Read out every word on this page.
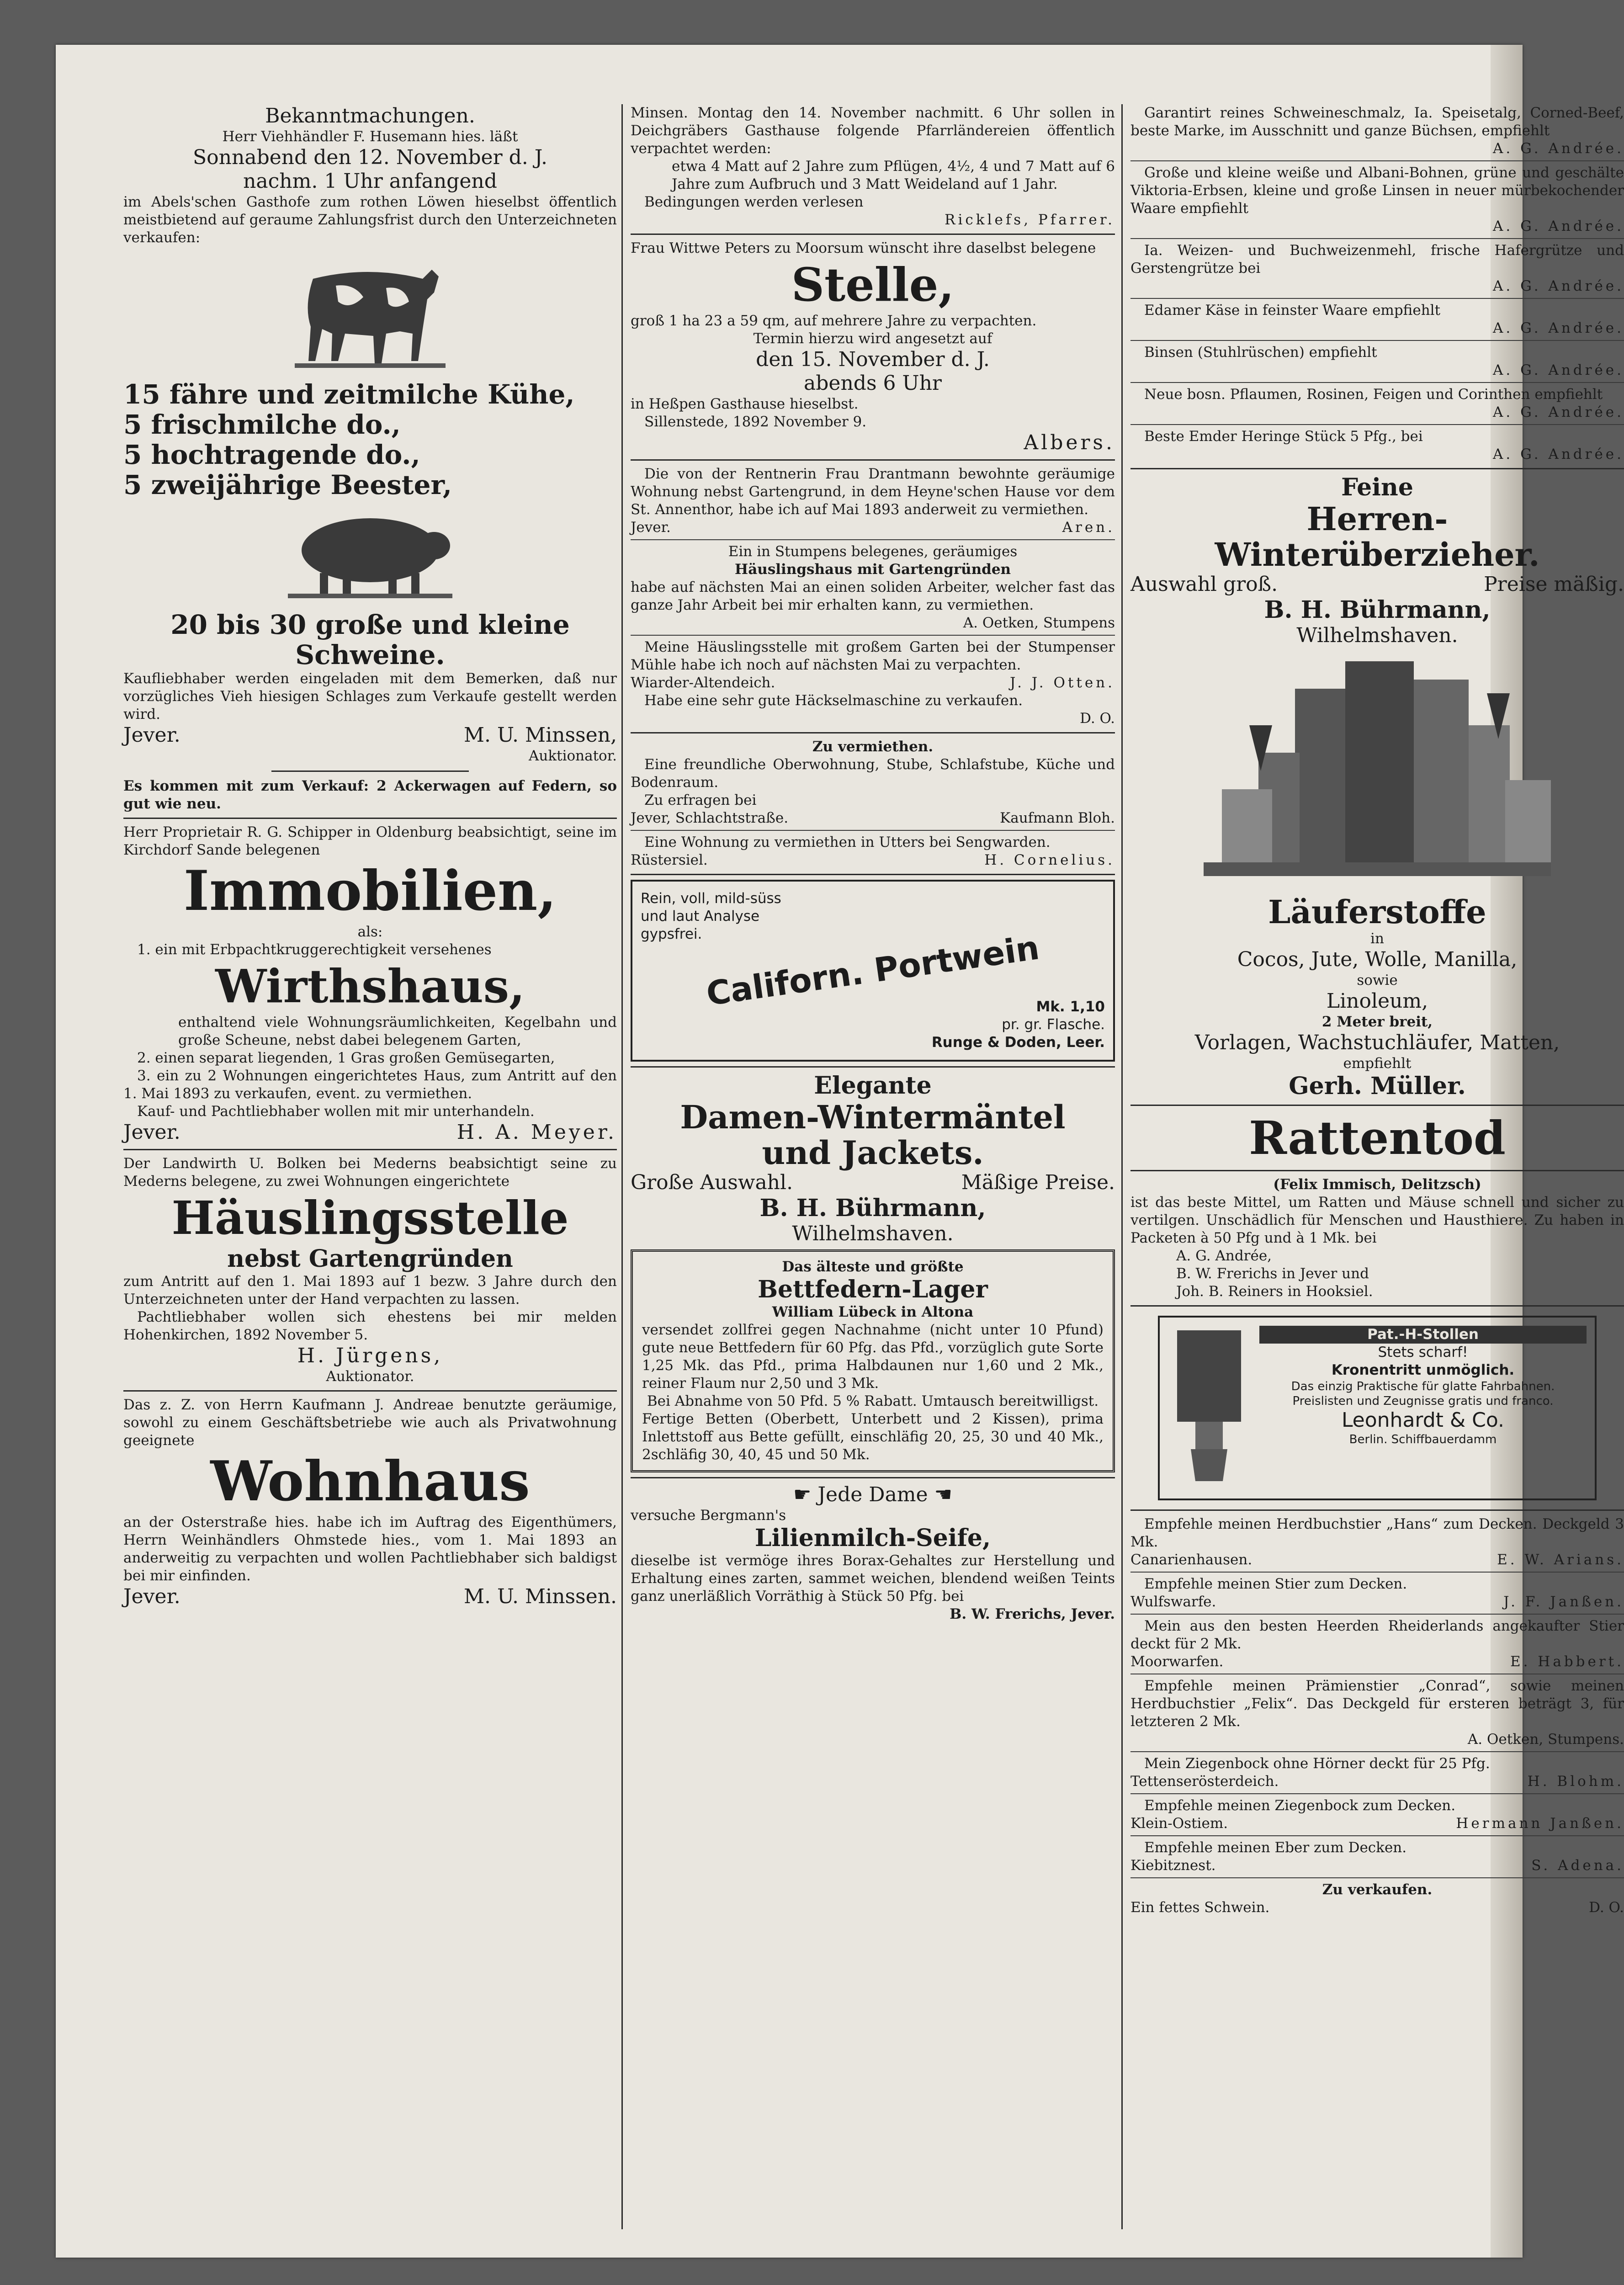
Bekanntmachungen.

Herr Viehhändler F. Husemann hies. läßt

Sonnabend den 12. November d. J.

nachm. 1 Uhr anfangend

im Abels'schen Gasthofe zum rothen Löwen hieselbst öffentlich meistbietend auf geraume Zahlungsfrist durch den Unterzeichneten verkaufen:

15 fähre und zeitmilche Kühe,

5 frischmilche do.,

5 hochtragende do.,

5 zweijährige Beester,

20 bis 30 große und kleine Schweine.

Kaufliebhaber werden eingeladen mit dem Bemerken, daß nur vorzügliches Vieh hiesigen Schlages zum Verkaufe gestellt werden wird.

Jever.	M. U. Minssen,

Auktionator.

Es kommen mit zum Verkauf: 2 Ackerwagen auf Federn, so gut wie neu.

Herr Proprietair R. G. Schipper in Oldenburg beabsichtigt, seine im Kirchdorf Sande belegenen

Immobilien,

als:

1. ein mit Erbpachtkruggerechtigkeit versehenes

Wirthshaus,

enthaltend viele Wohnungsräumlichkeiten, Kegelbahn und große Scheune, nebst dabei belegenem Garten,

2. einen separat liegenden, 1 Gras großen Gemüsegarten,

3. ein zu 2 Wohnungen eingerichtetes Haus, zum Antritt auf den 1. Mai 1893 zu verkaufen, event. zu vermiethen.

Kauf- und Pachtliebhaber wollen mit mir unterhandeln.

Jever.	H. A. Meyer.

Der Landwirth U. Bolken bei Mederns beabsichtigt seine zu Mederns belegene, zu zwei Wohnungen eingerichtete

Häuslingsstelle

nebst Gartengründen

zum Antritt auf den 1. Mai 1893 auf 1 bezw. 3 Jahre durch den Unterzeichneten unter der Hand verpachten zu lassen.

Pachtliebhaber wollen sich ehestens bei mir melden Hohenkirchen, 1892 November 5.

H. Jürgens,

Auktionator.

Das z. Z. von Herrn Kaufmann J. Andreae benutzte geräumige, sowohl zu einem Geschäftsbetriebe wie auch als Privatwohnung geeignete

Wohnhaus

an der Osterstraße hies. habe ich im Auftrag des Eigenthümers, Herrn Weinhändlers Ohmstede hies., vom 1. Mai 1893 an anderweitig zu verpachten und wollen Pachtliebhaber sich baldigst bei mir einfinden.

Jever.	M. U. Minssen.

Minsen. Montag den 14. November nachmitt. 6 Uhr sollen in Deichgräbers Gasthause folgende Pfarrländereien öffentlich verpachtet werden:

etwa 4 Matt auf 2 Jahre zum Pflügen, 4½, 4 und 7 Matt auf 6 Jahre zum Aufbruch und 3 Matt Weideland auf 1 Jahr.

Bedingungen werden verlesen

Ricklefs, Pfarrer.

Frau Wittwe Peters zu Moorsum wünscht ihre daselbst belegene

Stelle,

groß 1 ha 23 a 59 qm, auf mehrere Jahre zu verpachten.

Termin hierzu wird angesetzt auf

den 15. November d. J.

abends 6 Uhr

in Heßpen Gasthause hieselbst.

Sillenstede, 1892 November 9.

Albers.

Die von der Rentnerin Frau Drantmann bewohnte geräumige Wohnung nebst Gartengrund, in dem Heyne'schen Hause vor dem St. Annenthor, habe ich auf Mai 1893 anderweit zu vermiethen.

Jever.	Aren.

Ein in Stumpens belegenes, geräumiges

Häuslingshaus mit Gartengründen

habe auf nächsten Mai an einen soliden Arbeiter, welcher fast das ganze Jahr Arbeit bei mir erhalten kann, zu vermiethen.

A. Oetken, Stumpens

Meine Häuslingsstelle mit großem Garten bei der Stumpenser Mühle habe ich noch auf nächsten Mai zu verpachten.

Wiarder-Altendeich.	J. J. Otten.

Habe eine sehr gute Häckselmaschine zu verkaufen.

D. O.

Zu vermiethen.

Eine freundliche Oberwohnung, Stube, Schlafstube, Küche und Bodenraum.

Zu erfragen bei

Jever, Schlachtstraße.	Kaufmann Bloh.

Eine Wohnung zu vermiethen in Utters bei Sengwarden.

Rüstersiel.	H. Cornelius.

Rein, voll, mild-süss

und laut Analyse

gypsfrei. Californ. Portwein

Mk. 1,10

pr. gr. Flasche.

Runge & Doden, Leer.

Elegante

Damen-Wintermäntel

und Jackets.

Große Auswahl.	Mäßige Preise.

B. H. Bührmann,

Wilhelmshaven.

Das älteste und größte

Bettfedern-Lager

William Lübeck in Altona

versendet zollfrei gegen Nachnahme (nicht unter 10 Pfund) gute neue Bettfedern für 60 Pfg. das Pfd., vorzüglich gute Sorte 1,25 Mk. das Pfd., prima Halbdaunen nur 1,60 und 2 Mk., reiner Flaum nur 2,50 und 3 Mk.

Bei Abnahme von 50 Pfd. 5 % Rabatt. Umtausch bereitwilligst.

Fertige Betten (Oberbett, Unterbett und 2 Kissen), prima Inlettstoff aus Bette gefüllt, einschläfig 20, 25, 30 und 40 Mk., 2schläfig 30, 40, 45 und 50 Mk.

☛ Jede Dame ☚

versuche Bergmann's

Lilienmilch-Seife,

dieselbe ist vermöge ihres Borax-Gehaltes zur Herstellung und Erhaltung eines zarten, sammet weichen, blendend weißen Teints ganz unerläßlich Vorräthig à Stück 50 Pfg. bei

B. W. Frerichs, Jever.

Garantirt reines Schweineschmalz, Ia. Speisetalg, Corned-Beef, beste Marke, im Ausschnitt und ganze Büchsen, empfiehlt

A. G. Andrée.

Große und kleine weiße und Albani-Bohnen, grüne und geschälte Viktoria-Erbsen, kleine und große Linsen in neuer mürbekochender Waare empfiehlt

A. G. Andrée.

Ia. Weizen- und Buchweizenmehl, frische Hafergrütze und Gerstengrütze bei

A. G. Andrée.

Edamer Käse in feinster Waare empfiehlt

A. G. Andrée.

Binsen (Stuhlrüschen) empfiehlt

A. G. Andrée.

Neue bosn. Pflaumen, Rosinen, Feigen und Corinthen empfiehlt

A. G. Andrée.

Beste Emder Heringe Stück 5 Pfg., bei

A. G. Andrée.

Feine

Herren-

Winterüberzieher.

Auswahl groß.	Preise mäßig.

B. H. Bührmann,

Wilhelmshaven.

Läuferstoffe

in

Cocos, Jute, Wolle, Manilla,

sowie

Linoleum,

2 Meter breit,

Vorlagen, Wachstuchläufer, Matten,

empfiehlt

Gerh. Müller.

Rattentod

(Felix Immisch, Delitzsch)

ist das beste Mittel, um Ratten und Mäuse schnell und sicher zu vertilgen. Unschädlich für Menschen und Hausthiere. Zu haben in Packeten à 50 Pfg und à 1 Mk. bei

A. G. Andrée,

B. W. Frerichs in Jever und

Joh. B. Reiners in Hooksiel.

Pat.-H-Stollen

Stets scharf!

Kronentritt unmöglich.

Das einzig Praktische für glatte Fahrbahnen.

Preislisten und Zeugnisse gratis und franco.

Leonhardt & Co.

Berlin. Schiffbauerdamm

Empfehle meinen Herdbuchstier „Hans“ zum Decken. Deckgeld 3 Mk.

Canarienhausen.	E. W. Arians.

Empfehle meinen Stier zum Decken.

Wulfswarfe.	J. F. Janßen.

Mein aus den besten Heerden Rheiderlands angekaufter Stier deckt für 2 Mk.

Moorwarfen.	E. Habbert.

Empfehle meinen Prämienstier „Conrad“, sowie meinen Herdbuchstier „Felix“. Das Deckgeld für ersteren beträgt 3, für letzteren 2 Mk.

A. Oetken, Stumpens.

Mein Ziegenbock ohne Hörner deckt für 25 Pfg.

Tettenserösterdeich.	H. Blohm.

Empfehle meinen Ziegenbock zum Decken.

Klein-Ostiem.	Hermann Janßen.

Empfehle meinen Eber zum Decken.

Kiebitznest.	S. Adena.

Zu verkaufen.

Ein fettes Schwein.	D. O.
